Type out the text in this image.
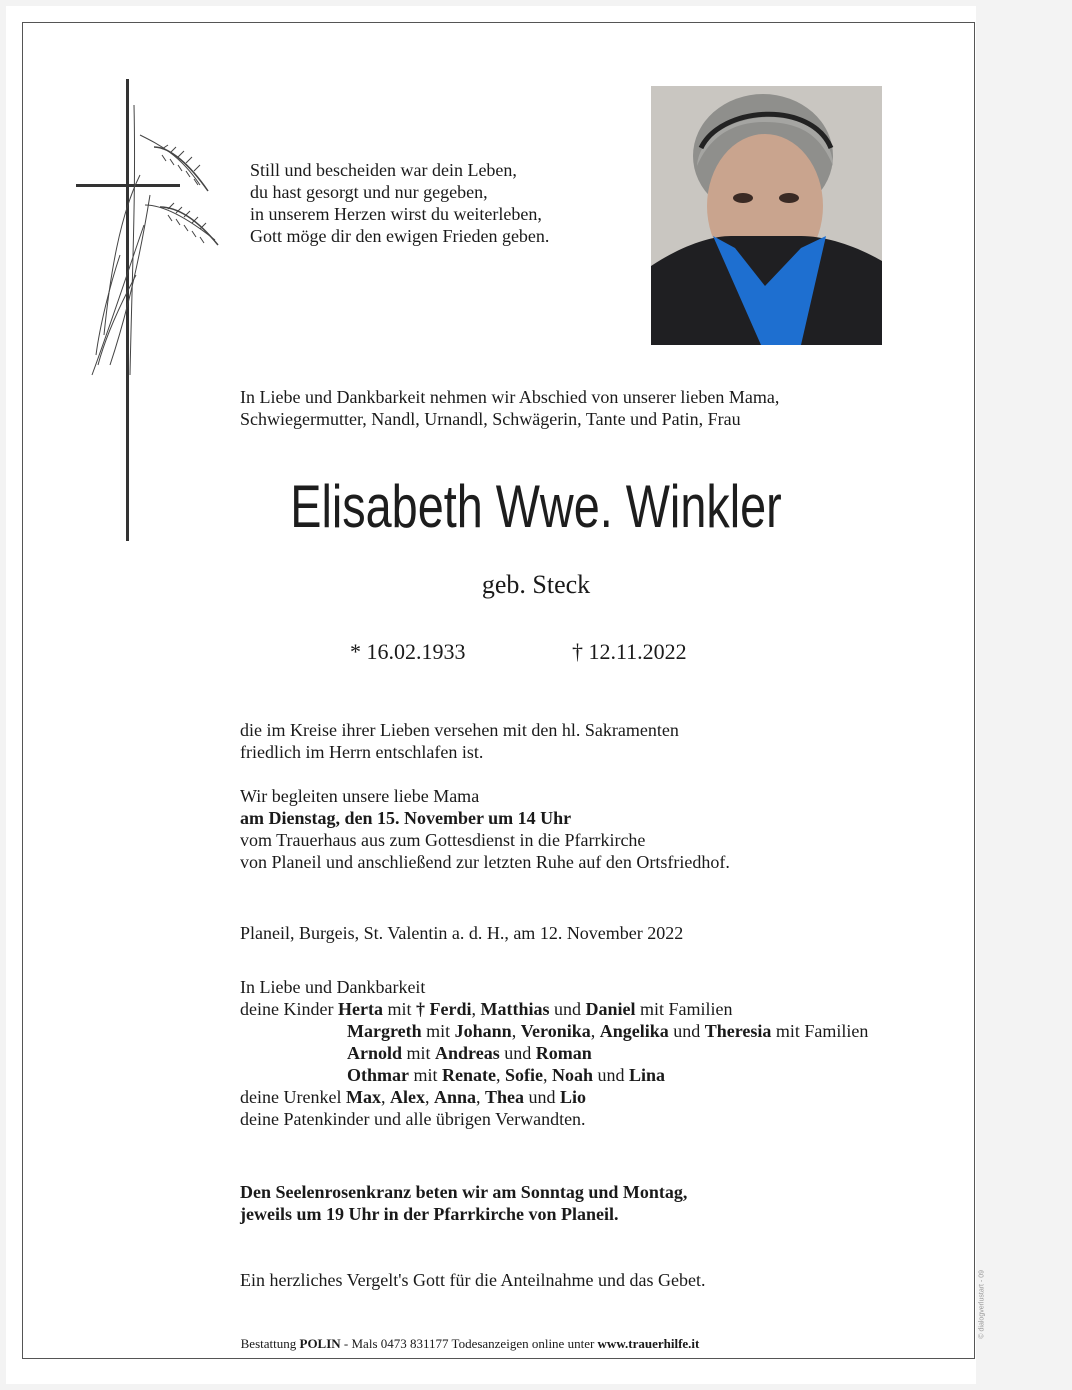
Still und bescheiden war dein Leben,
du hast gesorgt und nur gegeben,
in unserem Herzen wirst du weiterleben,
Gott möge dir den ewigen Frieden geben.
In Liebe und Dankbarkeit nehmen wir Abschied von unserer lieben Mama,
Schwiegermutter, Nandl, Urnandl, Schwägerin, Tante und Patin, Frau
Elisabeth Wwe. Winkler
geb. Steck
* 16.02.1933	† 12.11.2022
die im Kreise ihrer Lieben versehen mit den hl. Sakramenten
friedlich im Herrn entschlafen ist.
Wir begleiten unsere liebe Mama
am Dienstag, den 15. November um 14 Uhr
vom Trauerhaus aus zum Gottesdienst in die Pfarrkirche
von Planeil und anschließend zur letzten Ruhe auf den Ortsfriedhof.
Planeil, Burgeis, St. Valentin a. d. H., am 12. November 2022
In Liebe und Dankbarkeit
deine Kinder Herta mit † Ferdi, Matthias und Daniel mit Familien
Margreth mit Johann, Veronika, Angelika und Theresia mit Familien
Arnold mit Andreas und Roman
Othmar mit Renate, Sofie, Noah und Lina
deine Urenkel Max, Alex, Anna, Thea und Lio
deine Patenkinder und alle übrigen Verwandten.
Den Seelenrosenkranz beten wir am Sonntag und Montag,
jeweils um 19 Uhr in der Pfarrkirche von Planeil.
Ein herzliches Vergelt's Gott für die Anteilnahme und das Gebet.
Bestattung POLIN - Mals 0473 831177 Todesanzeigen online unter www.trauerhilfe.it
© dialogverlustart - 09
